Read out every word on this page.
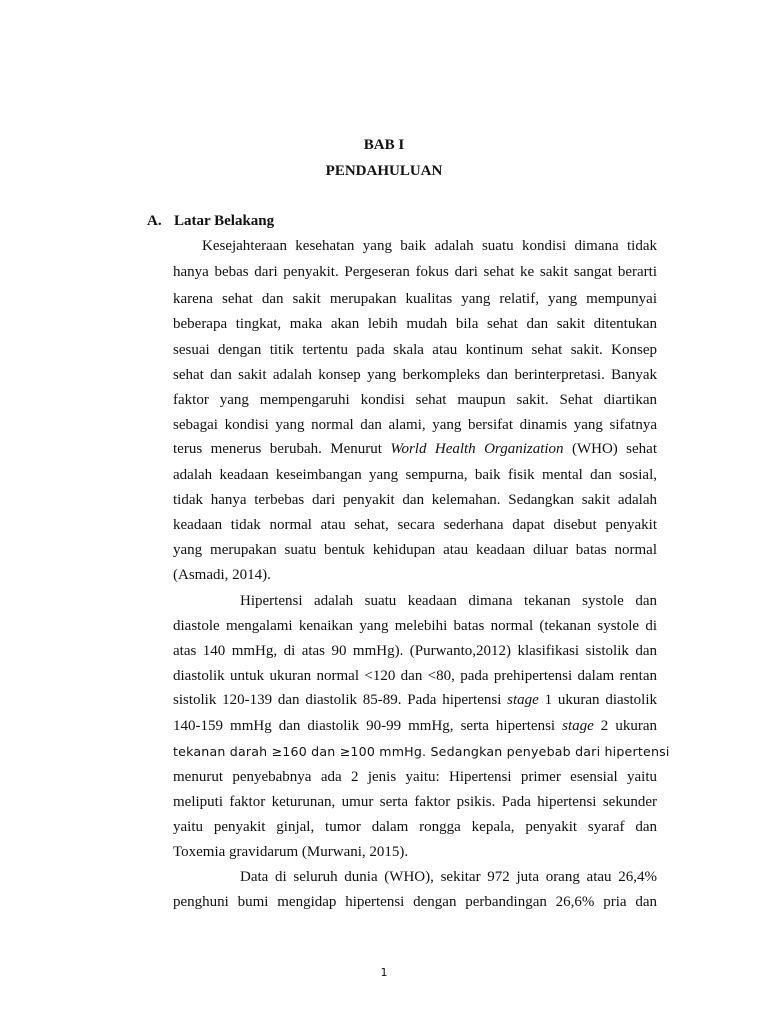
BAB I
PENDAHULUAN
A. Latar Belakang
Kesejahteraan kesehatan yang baik adalah suatu kondisi dimana tidak
hanya bebas dari penyakit. Pergeseran fokus dari sehat ke sakit sangat berarti
karena sehat dan sakit merupakan kualitas yang relatif, yang mempunyai
beberapa tingkat, maka akan lebih mudah bila sehat dan sakit ditentukan
sesuai dengan titik tertentu pada skala atau kontinum sehat sakit. Konsep
sehat dan sakit adalah konsep yang berkompleks dan berinterpretasi. Banyak
faktor yang mempengaruhi kondisi sehat maupun sakit. Sehat diartikan
sebagai kondisi yang normal dan alami, yang bersifat dinamis yang sifatnya
terus menerus berubah. Menurut World Health Organization (WHO) sehat
adalah keadaan keseimbangan yang sempurna, baik fisik mental dan sosial,
tidak hanya terbebas dari penyakit dan kelemahan. Sedangkan sakit adalah
keadaan tidak normal atau sehat, secara sederhana dapat disebut penyakit
yang merupakan suatu bentuk kehidupan atau keadaan diluar batas normal
(Asmadi, 2014).
Hipertensi adalah suatu keadaan dimana tekanan systole dan
diastole mengalami kenaikan yang melebihi batas normal (tekanan systole di
atas 140 mmHg, di atas 90 mmHg). (Purwanto,2012) klasifikasi sistolik dan
diastolik untuk ukuran normal <120 dan <80, pada prehipertensi dalam rentan
sistolik 120-139 dan diastolik 85-89. Pada hipertensi stage 1 ukuran diastolik
140-159 mmHg dan diastolik 90-99 mmHg, serta hipertensi stage 2 ukuran
tekanan darah ≥160 dan ≥100 mmHg. Sedangkan penyebab dari hipertensi
menurut penyebabnya ada 2 jenis yaitu: Hipertensi primer esensial yaitu
meliputi faktor keturunan, umur serta faktor psikis. Pada hipertensi sekunder
yaitu penyakit ginjal, tumor dalam rongga kepala, penyakit syaraf dan
Toxemia gravidarum (Murwani, 2015).
Data di seluruh dunia (WHO), sekitar 972 juta orang atau 26,4%
penghuni bumi mengidap hipertensi dengan perbandingan 26,6% pria dan
1
